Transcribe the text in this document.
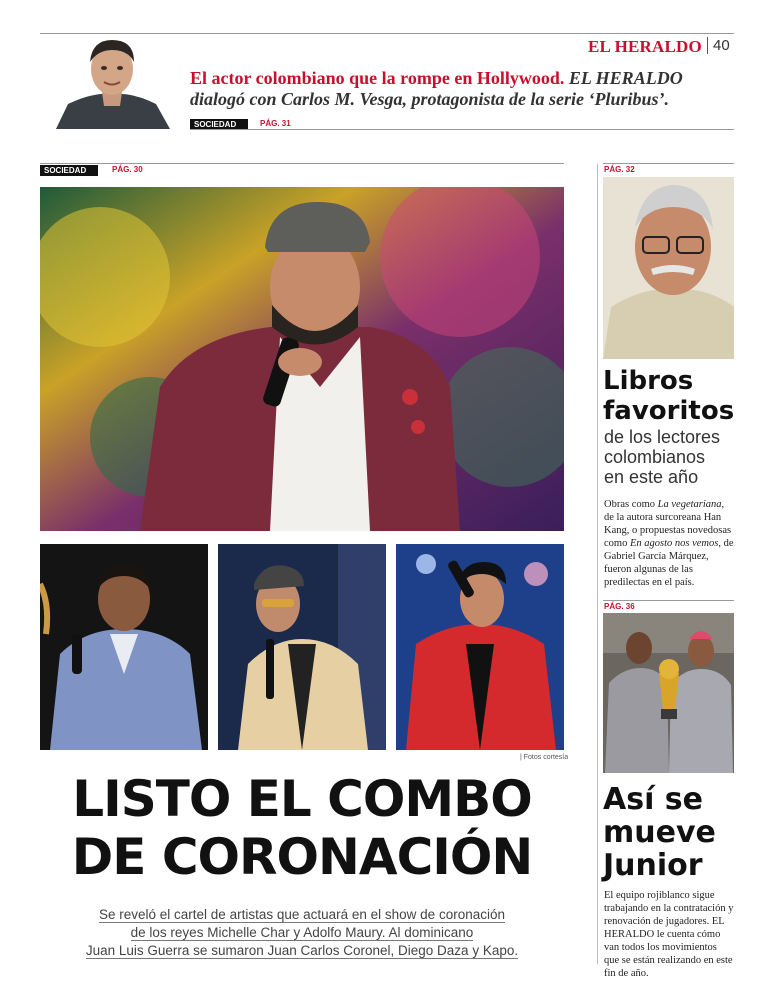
EL HERALDO 40
El actor colombiano que la rompe en Hollywood. EL HERALDO dialogó con Carlos M. Vesga, protagonista de la serie ‘Pluribus’.
SOCIEDAD	PÁG. 31
SOCIEDAD	PÁG. 30
| Fotos cortesía
LISTO EL COMBO
DE CORONACIÓN
Se reveló el cartel de artistas que actuará en el show de coronación
de los reyes Michelle Char y Adolfo Maury. Al dominicano
Juan Luis Guerra se sumaron Juan Carlos Coronel, Diego Daza y Kapo.
PÁG. 32
Libros
favoritos
de los lectores
colombianos
en este año
Obras como La vegetariana, de la autora surcoreana Han Kang, o propuestas novedosas como En agosto nos vemos, de Gabriel García Márquez, fueron algunas de las predilectas en el país.
PÁG. 36
Así se
mueve
Junior
El equipo rojiblanco sigue trabajando en la contratación y renovación de jugadores. EL HERALDO le cuenta cómo van todos los movimientos que se están realizando en este fin de año.
